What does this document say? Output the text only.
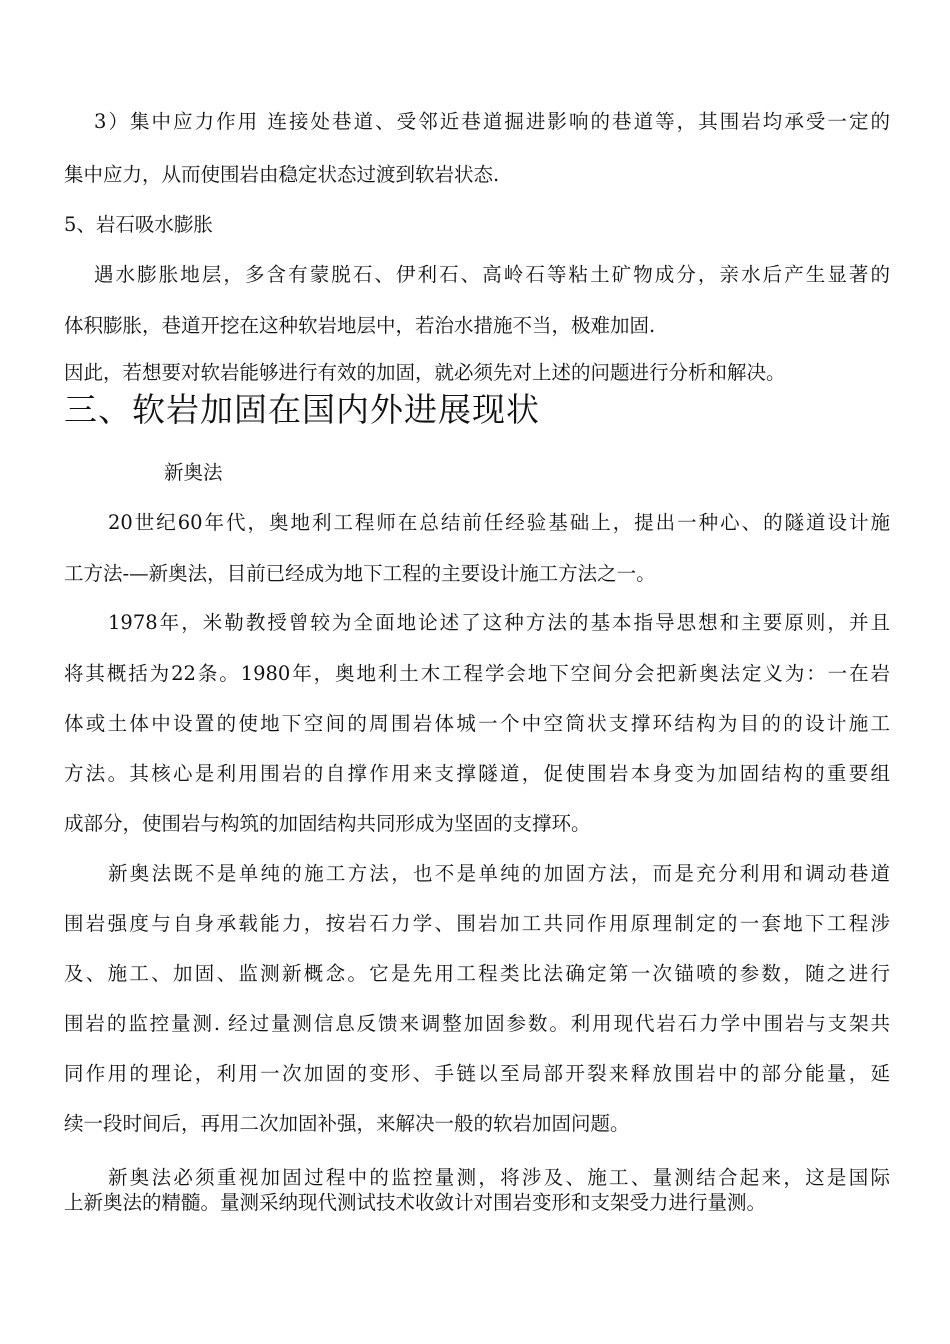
3）集中应力作用 连接处巷道、受邻近巷道掘进影响的巷道等，其围岩均承受一定的
集中应力，从而使围岩由稳定状态过渡到软岩状态.
5、岩石吸水膨胀
遇水膨胀地层，多含有蒙脱石、伊利石、高岭石等粘土矿物成分，亲水后产生显著的
体积膨胀，巷道开挖在这种软岩地层中，若治水措施不当，极难加固.
因此，若想要对软岩能够进行有效的加固，就必须先对上述的问题进行分析和解决。
三、软岩加固在国内外进展现状
新奥法
20世纪60年代，奥地利工程师在总结前任经验基础上，提出一种心、的隧道设计施
工方法-—新奥法，目前已经成为地下工程的主要设计施工方法之一。
1978年，米勒教授曾较为全面地论述了这种方法的基本指导思想和主要原则，并且
将其概括为22条。1980年，奥地利土木工程学会地下空间分会把新奥法定义为：一在岩
体或土体中设置的使地下空间的周围岩体城一个中空筒状支撑环结构为目的的设计施工
方法。其核心是利用围岩的自撑作用来支撑隧道，促使围岩本身变为加固结构的重要组
成部分，使围岩与构筑的加固结构共同形成为坚固的支撑环。
新奥法既不是单纯的施工方法，也不是单纯的加固方法，而是充分利用和调动巷道
围岩强度与自身承载能力，按岩石力学、围岩加工共同作用原理制定的一套地下工程涉
及、施工、加固、监测新概念。它是先用工程类比法确定第一次锚喷的参数，随之进行
围岩的监控量测. 经过量测信息反馈来调整加固参数。利用现代岩石力学中围岩与支架共
同作用的理论，利用一次加固的变形、手链以至局部开裂来释放围岩中的部分能量，延
续一段时间后，再用二次加固补强，来解决一般的软岩加固问题。
新奥法必须重视加固过程中的监控量测，将涉及、施工、量测结合起来，这是国际
上新奥法的精髓。量测采纳现代测试技术收敛计对围岩变形和支架受力进行量测。
